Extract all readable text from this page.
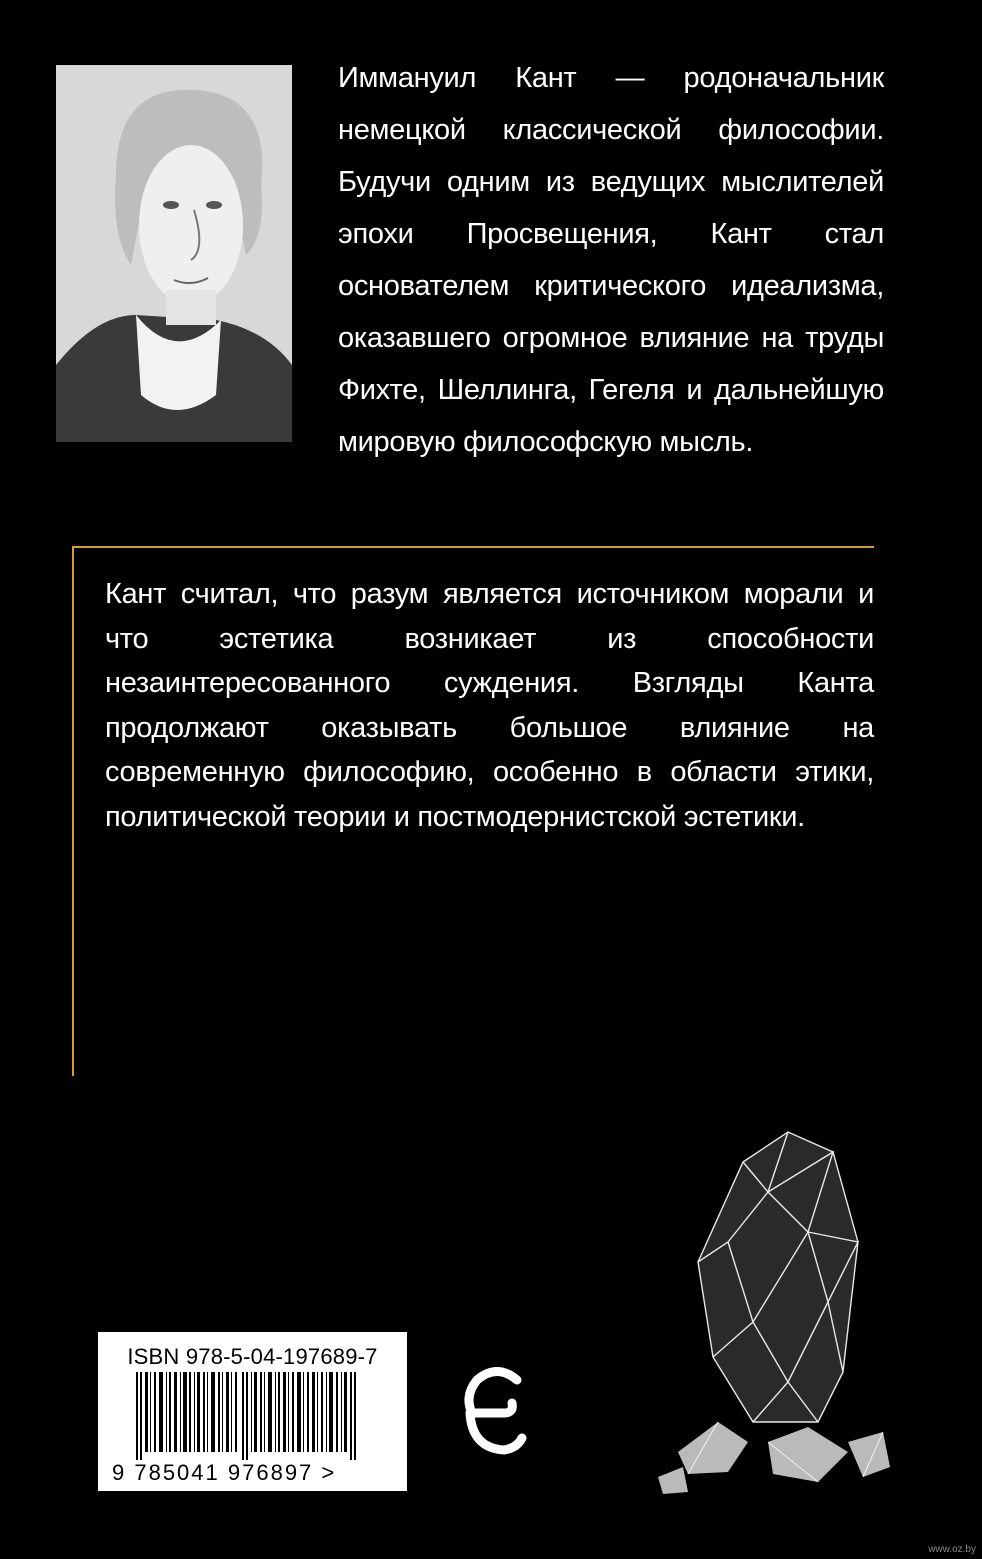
Иммануил Кант — родоначальник немецкой классической философии. Будучи одним из ведущих мыслителей эпохи Просвещения, Кант стал основателем критического идеализма, оказавшего огромное влияние на труды Фихте, Шеллинга, Гегеля и дальнейшую мировую философскую мысль.
Кант считал, что разум является источником морали и что эстетика возникает из способности незаинтересованного суждения. Взгляды Канта продолжают оказывать большое влияние на современную философию, особенно в области этики, политической теории и постмодернистской эстетики.
ISBN 978-5-04-197689-7
9 785041 976897 >
www.oz.by
